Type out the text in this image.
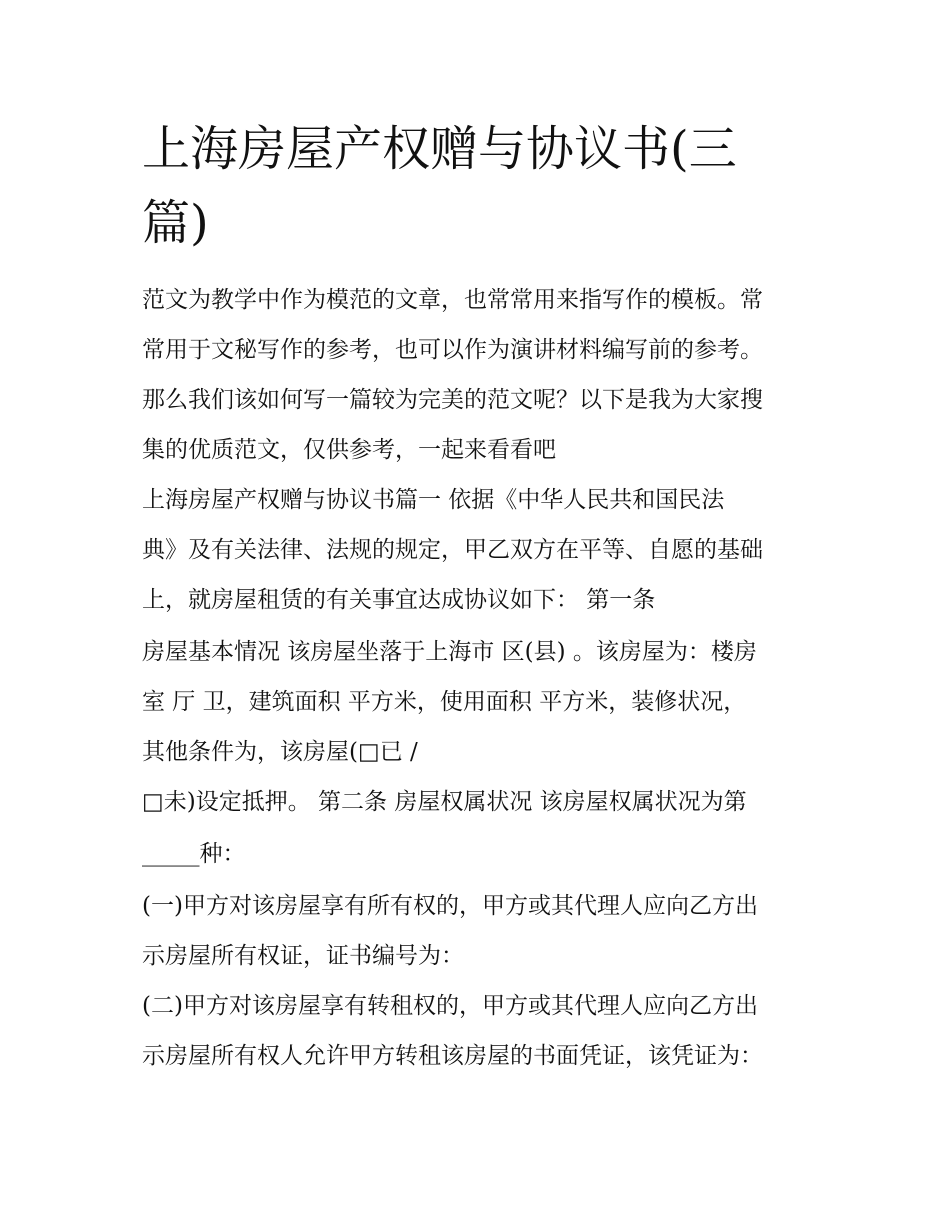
上海房屋产权赠与协议书(三
篇)

范文为教学中作为模范的文章，也常常用来指写作的模板。常

常用于文秘写作的参考，也可以作为演讲材料编写前的参考。

那么我们该如何写一篇较为完美的范文呢？以下是我为大家搜

集的优质范文，仅供参考，一起来看看吧

上海房屋产权赠与协议书篇一 依据《中华人民共和国民法

典》及有关法律、法规的规定，甲乙双方在平等、自愿的基础

上，就房屋租赁的有关事宜达成协议如下： 第一条

房屋基本情况 该房屋坐落于上海市 区(县) 。该房屋为：楼房

室 厅 卫，建筑面积 平方米，使用面积 平方米，装修状况，

其他条件为，该房屋(□已 /

□未)设定抵押。 第二条 房屋权属状况 该房屋权属状况为第

_____种：

(一)甲方对该房屋享有所有权的，甲方或其代理人应向乙方出

示房屋所有权证，证书编号为：

(二)甲方对该房屋享有转租权的，甲方或其代理人应向乙方出

示房屋所有权人允许甲方转租该房屋的书面凭证，该凭证为：
